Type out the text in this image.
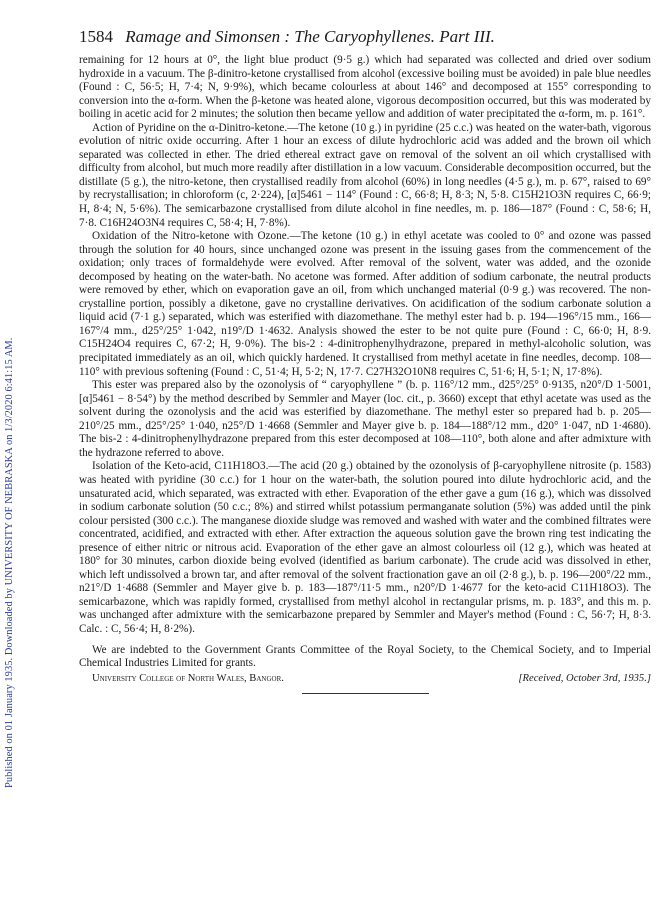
Published on 01 January 1935. Downloaded by UNIVERSITY OF NEBRASKA on 1/3/2020 6:41:15 AM.
1584 Ramage and Simonsen : The Caryophyllenes. Part III.

remaining for 12 hours at 0°, the light blue product (9·5 g.) which had separated was collected and dried over sodium hydroxide in a vacuum. The β-dinitro-ketone crystallised from alcohol (excessive boiling must be avoided) in pale blue needles (Found : C, 56·5; H, 7·4; N, 9·9%), which became colourless at about 146° and decomposed at 155° corresponding to conversion into the α-form. When the β-ketone was heated alone, vigorous decomposition occurred, but this was moderated by boiling in acetic acid for 2 minutes; the solution then became yellow and addition of water precipitated the α-form, m. p. 161°.

Action of Pyridine on the α-Dinitro-ketone.—The ketone (10 g.) in pyridine (25 c.c.) was heated on the water-bath, vigorous evolution of nitric oxide occurring. After 1 hour an excess of dilute hydrochloric acid was added and the brown oil which separated was collected in ether. The dried ethereal extract gave on removal of the solvent an oil which crystallised with difficulty from alcohol, but much more readily after distillation in a low vacuum. Considerable decomposition occurred, but the distillate (5 g.), the nitro-ketone, then crystallised readily from alcohol (60%) in long needles (4·5 g.), m. p. 67°, raised to 69° by recrystallisation; in chloroform (c, 2·224), [α]5461 − 114° (Found : C, 66·8; H, 8·3; N, 5·8. C15H21O3N requires C, 66·9; H, 8·4; N, 5·6%). The semicarbazone crystallised from dilute alcohol in fine needles, m. p. 186—187° (Found : C, 58·6; H, 7·8. C16H24O3N4 requires C, 58·4; H, 7·8%).

Oxidation of the Nitro-ketone with Ozone.—The ketone (10 g.) in ethyl acetate was cooled to 0° and ozone was passed through the solution for 40 hours, since unchanged ozone was present in the issuing gases from the commencement of the oxidation; only traces of formaldehyde were evolved. After removal of the solvent, water was added, and the ozonide decomposed by heating on the water-bath. No acetone was formed. After addition of sodium carbonate, the neutral products were removed by ether, which on evaporation gave an oil, from which unchanged material (0·9 g.) was recovered. The non-crystalline portion, possibly a diketone, gave no crystalline derivatives. On acidification of the sodium carbonate solution a liquid acid (7·1 g.) separated, which was esterified with diazomethane. The methyl ester had b. p. 194—196°/15 mm., 166—167°/4 mm., d25°/25° 1·042, n19°/D 1·4632. Analysis showed the ester to be not quite pure (Found : C, 66·0; H, 8·9. C15H24O4 requires C, 67·2; H, 9·0%). The bis-2 : 4-dinitrophenylhydrazone, prepared in methyl-alcoholic solution, was precipitated immediately as an oil, which quickly hardened. It crystallised from methyl acetate in fine needles, decomp. 108—110° with previous softening (Found : C, 51·4; H, 5·2; N, 17·7. C27H32O10N8 requires C, 51·6; H, 5·1; N, 17·8%).

This ester was prepared also by the ozonolysis of “ caryophyllene ” (b. p. 116°/12 mm., d25°/25° 0·9135, n20°/D 1·5001, [α]5461 − 8·54°) by the method described by Semmler and Mayer (loc. cit., p. 3660) except that ethyl acetate was used as the solvent during the ozonolysis and the acid was esterified by diazomethane. The methyl ester so prepared had b. p. 205—210°/25 mm., d25°/25° 1·040, n25°/D 1·4668 (Semmler and Mayer give b. p. 184—188°/12 mm., d20° 1·047, nD 1·4680). The bis-2 : 4-dinitrophenylhydrazone prepared from this ester decomposed at 108—110°, both alone and after admixture with the hydrazone referred to above.

Isolation of the Keto-acid, C11H18O3.—The acid (20 g.) obtained by the ozonolysis of β-caryophyllene nitrosite (p. 1583) was heated with pyridine (30 c.c.) for 1 hour on the water-bath, the solution poured into dilute hydrochloric acid, and the unsaturated acid, which separated, was extracted with ether. Evaporation of the ether gave a gum (16 g.), which was dissolved in sodium carbonate solution (50 c.c.; 8%) and stirred whilst potassium permanganate solution (5%) was added until the pink colour persisted (300 c.c.). The manganese dioxide sludge was removed and washed with water and the combined filtrates were concentrated, acidified, and extracted with ether. After extraction the aqueous solution gave the brown ring test indicating the presence of either nitric or nitrous acid. Evaporation of the ether gave an almost colourless oil (12 g.), which was heated at 180° for 30 minutes, carbon dioxide being evolved (identified as barium carbonate). The crude acid was dissolved in ether, which left undissolved a brown tar, and after removal of the solvent fractionation gave an oil (2·8 g.), b. p. 196—200°/22 mm., n21°/D 1·4688 (Semmler and Mayer give b. p. 183—187°/11·5 mm., n20°/D 1·4677 for the keto-acid C11H18O3). The semicarbazone, which was rapidly formed, crystallised from methyl alcohol in rectangular prisms, m. p. 183°, and this m. p. was unchanged after admixture with the semicarbazone prepared by Semmler and Mayer's method (Found : C, 56·7; H, 8·3. Calc. : C, 56·4; H, 8·2%).

We are indebted to the Government Grants Committee of the Royal Society, to the Chemical Society, and to Imperial Chemical Industries Limited for grants.

University College of North Wales, Bangor.	[Received, October 3rd, 1935.]
